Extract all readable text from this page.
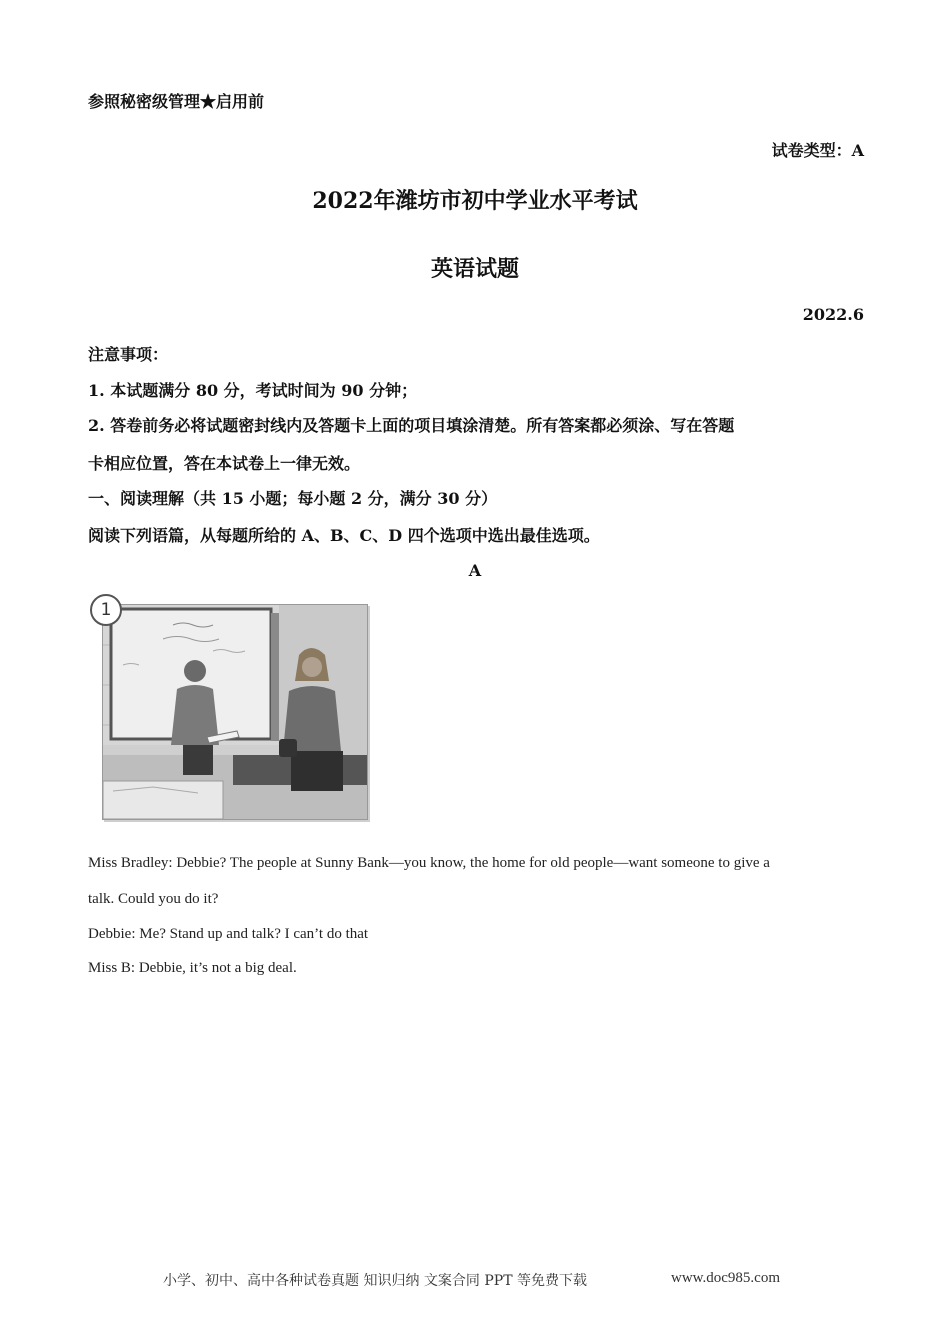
参照秘密级管理★启用前
试卷类型：A
2022年潍坊市初中学业水平考试
英语试题
2022.6
注意事项：
1. 本试题满分 80 分，考试时间为 90 分钟；
2. 答卷前务必将试题密封线内及答题卡上面的项目填涂清楚。所有答案都必须涂、写在答题
卡相应位置，答在本试卷上一律无效。
一、阅读理解（共 15 小题；每小题 2 分，满分 30 分）
阅读下列语篇，从每题所给的 A、B、C、D 四个选项中选出最佳选项。
A
1
Miss Bradley: Debbie? The people at Sunny Bank—you know, the home for old people—want someone to give a
talk. Could you do it?
Debbie: Me? Stand up and talk? I can’t do that
Miss B: Debbie, it’s not a big deal.
小学、初中、高中各种试卷真题 知识归纳 文案合同 PPT 等免费下载	www.doc985.com
